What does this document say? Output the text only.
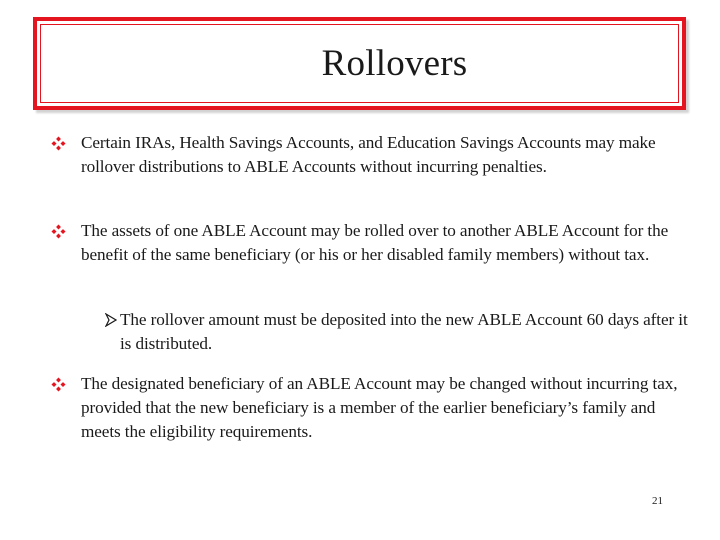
Rollovers

Certain IRAs, Health Savings Accounts, and Education Savings Accounts may make rollover distributions to ABLE Accounts without incurring penalties.

The assets of one ABLE Account may be rolled over to another ABLE Account for the benefit of the same beneficiary (or his or her disabled family members) without tax.

The rollover amount must be deposited into the new ABLE Account 60 days after it is distributed.

The designated beneficiary of an ABLE Account may be changed without incurring tax, provided that the new beneficiary is a member of the earlier beneficiary’s family and meets the eligibility requirements.

21
